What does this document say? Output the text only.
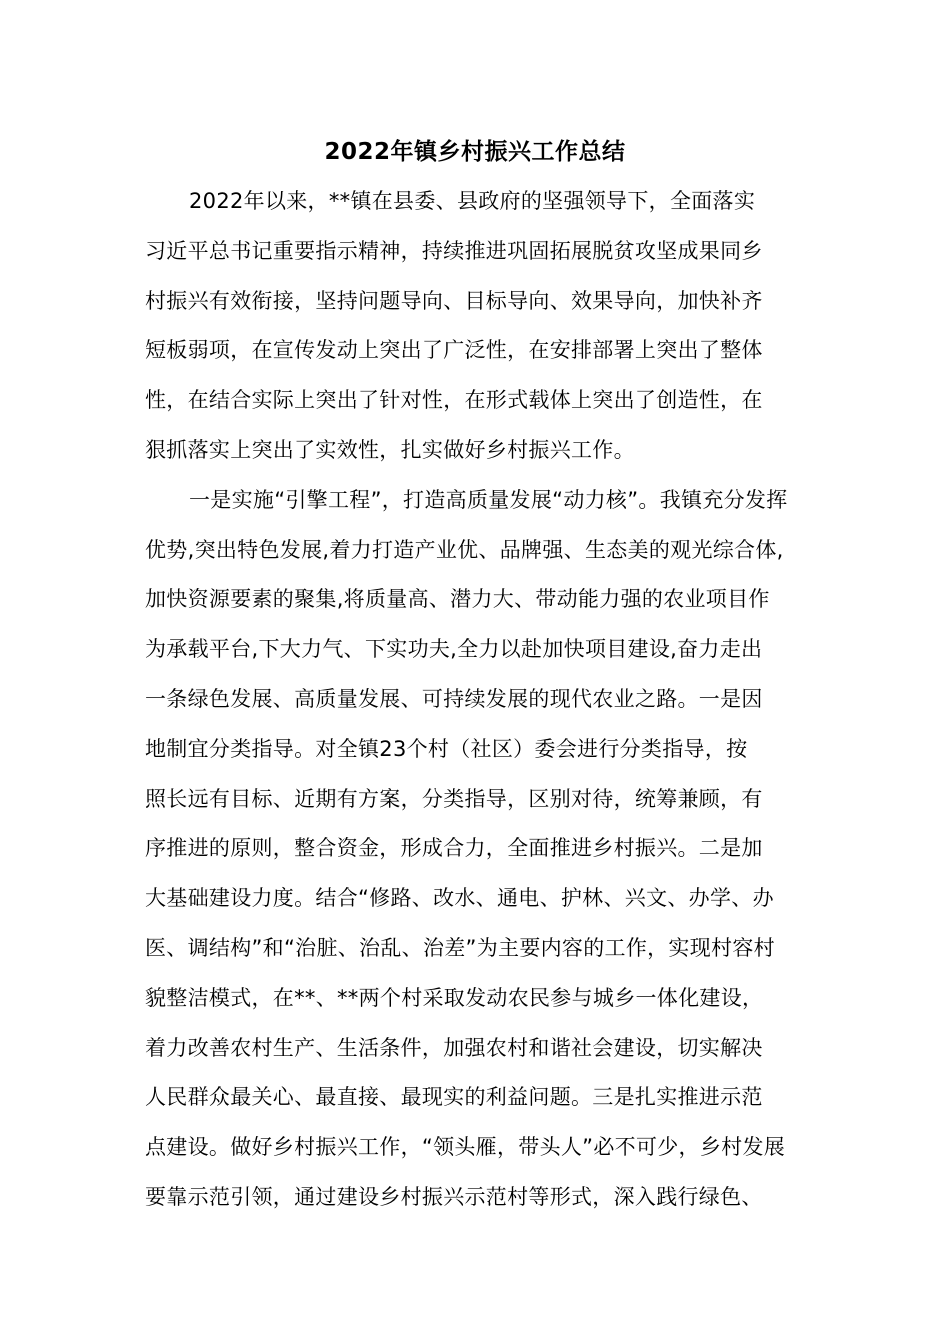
2022年镇乡村振兴工作总结
2022年以来，**镇在县委、县政府的坚强领导下，全面落实
习近平总书记重要指示精神，持续推进巩固拓展脱贫攻坚成果同乡
村振兴有效衔接，坚持问题导向、目标导向、效果导向，加快补齐
短板弱项，在宣传发动上突出了广泛性，在安排部署上突出了整体
性，在结合实际上突出了针对性，在形式载体上突出了创造性，在
狠抓落实上突出了实效性，扎实做好乡村振兴工作。
一是实施“引擎工程”，打造高质量发展“动力核”。我镇充分发挥
优势,突出特色发展,着力打造产业优、品牌强、生态美的观光综合体,
加快资源要素的聚集,将质量高、潜力大、带动能力强的农业项目作
为承载平台,下大力气、下实功夫,全力以赴加快项目建设,奋力走出
一条绿色发展、高质量发展、可持续发展的现代农业之路。一是因
地制宜分类指导。对全镇23个村（社区）委会进行分类指导，按
照长远有目标、近期有方案，分类指导，区别对待，统筹兼顾，有
序推进的原则，整合资金，形成合力，全面推进乡村振兴。二是加
大基础建设力度。结合“修路、改水、通电、护林、兴文、办学、办
医、调结构”和“治脏、治乱、治差”为主要内容的工作，实现村容村
貌整洁模式，在**、**两个村采取发动农民参与城乡一体化建设，
着力改善农村生产、生活条件，加强农村和谐社会建设，切实解决
人民群众最关心、最直接、最现实的利益问题。三是扎实推进示范
点建设。做好乡村振兴工作，“领头雁，带头人”必不可少，乡村发展
要靠示范引领，通过建设乡村振兴示范村等形式，深入践行绿色、
